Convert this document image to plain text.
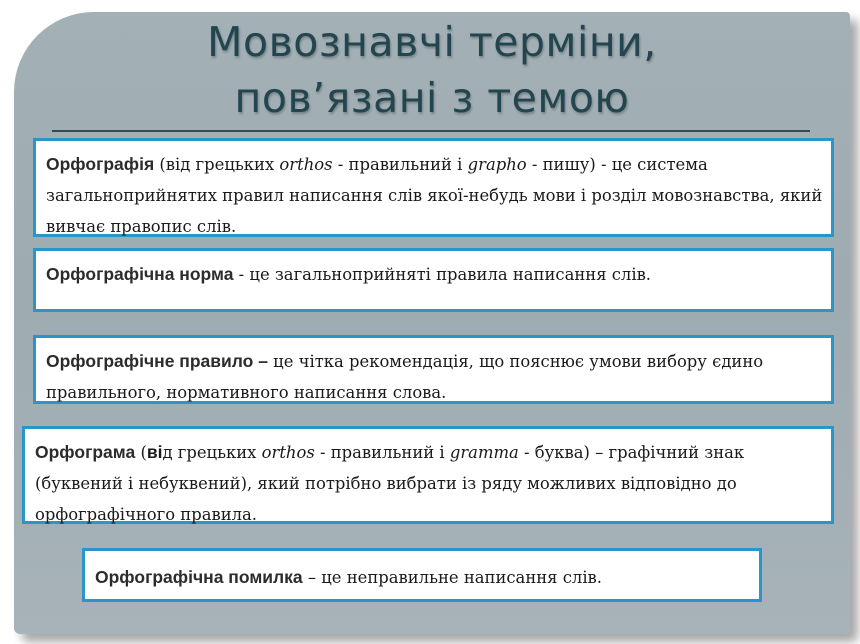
Мовознавчі терміни,
пов’язані з темою
Орфографія (від грецьких orthos - правильний і grapho - пишу) - це система загальноприйнятих правил написання слів якої-небудь мови і розділ мовознавства, який вивчає правопис слів.
Орфографічна норма - це загальноприйняті правила написання слів.
Орфографічне правило – це чітка рекомендація, що пояснює умови вибору єдино правильного, нормативного написання слова.
Орфограма (від грецьких orthos - правильний і gramma - буква) – графічний знак (буквений і небуквений), який потрібно вибрати із ряду можливих відповідно до орфографічного правила.
Орфографічна помилка – це неправильне написання слів.
